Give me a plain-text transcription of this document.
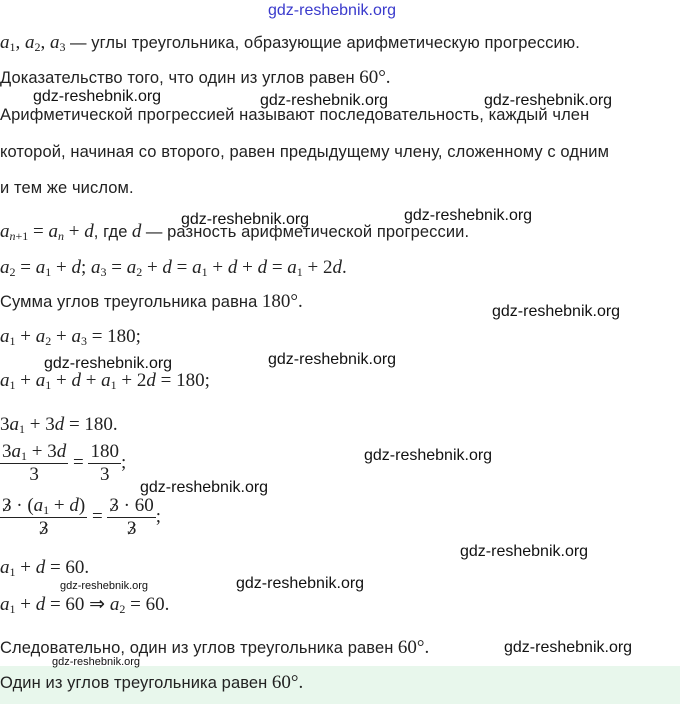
gdz-reshebnik.org
$a_1$, $a_2$, $a_3$ — углы треугольника, образующие арифметическую прогрессию.
Доказательство того, что один из углов равен 60°.
gdz-reshebnik.org	gdz-reshebnik.org	gdz-reshebnik.org
Арифметической прогрессией называют последовательность, каждый член
которой, начиная со второго, равен предыдущему члену, сложенному с одним
и тем же числом.
gdz-reshebnik.org	gdz-reshebnik.org
$a_{n+1} = a_n + d$, где d — разность арифметической прогрессии.
$a_2 = a_1 + d$; $a_3 = a_2 + d = a_1 + d + d = a_1 + 2d$.
Сумма углов треугольника равна 180°.	gdz-reshebnik.org
$a_1 + a_2 + a_3 = 180$;
gdz-reshebnik.org	gdz-reshebnik.org
$a_1 + a_1 + d + a_1 + 2d = 180$;
$3a_1 + 3d = 180$.
$\frac{3a_1 + 3d}{3} = \frac{180}{3}$ ;	gdz-reshebnik.org
gdz-reshebnik.org
$\frac{3 \cdot (a_1 + d)}{3} = \frac{3 \cdot 60}{3}$ ;
gdz-reshebnik.org
$a_1 + d = 60$.
gdz-reshebnik.org	gdz-reshebnik.org
$a_1 + d = 60$ ⇒ $a_2 = 60$.
Следовательно, один из углов треугольника равен 60°.	gdz-reshebnik.org
Один из углов треугольника равен 60°.
gdz-reshebnik.org
